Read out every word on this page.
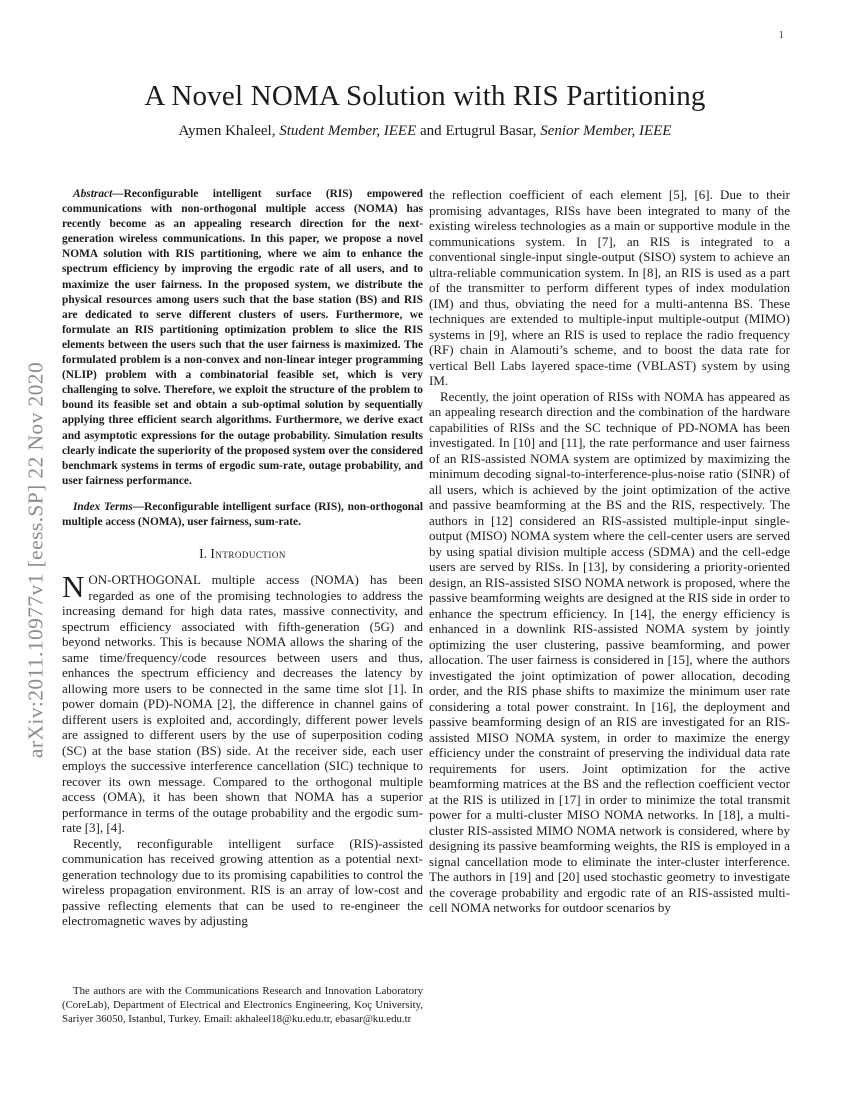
1
arXiv:2011.10977v1 [eess.SP] 22 Nov 2020
A Novel NOMA Solution with RIS Partitioning
Aymen Khaleel, Student Member, IEEE and Ertugrul Basar, Senior Member, IEEE

Abstract—Reconfigurable intelligent surface (RIS) empowered communications with non-orthogonal multiple access (NOMA) has recently become as an appealing research direction for the next-generation wireless communications. In this paper, we propose a novel NOMA solution with RIS partitioning, where we aim to enhance the spectrum efficiency by improving the ergodic rate of all users, and to maximize the user fairness. In the proposed system, we distribute the physical resources among users such that the base station (BS) and RIS are dedicated to serve different clusters of users. Furthermore, we formulate an RIS partitioning optimization problem to slice the RIS elements between the users such that the user fairness is maximized. The formulated problem is a non-convex and non-linear integer programming (NLIP) problem with a combinatorial feasible set, which is very challenging to solve. Therefore, we exploit the structure of the problem to bound its feasible set and obtain a sub-optimal solution by sequentially applying three efficient search algorithms. Furthermore, we derive exact and asymptotic expressions for the outage probability. Simulation results clearly indicate the superiority of the proposed system over the considered benchmark systems in terms of ergodic sum-rate, outage probability, and user fairness performance.

Index Terms—Reconfigurable intelligent surface (RIS), non-orthogonal multiple access (NOMA), user fairness, sum-rate.

I. Introduction

NON-ORTHOGONAL multiple access (NOMA) has been regarded as one of the promising technologies to address the increasing demand for high data rates, massive connectivity, and spectrum efficiency associated with fifth-generation (5G) and beyond networks. This is because NOMA allows the sharing of the same time/frequency/code resources between users and thus, enhances the spectrum efficiency and decreases the latency by allowing more users to be connected in the same time slot [1]. In power domain (PD)-NOMA [2], the difference in channel gains of different users is exploited and, accordingly, different power levels are assigned to different users by the use of superposition coding (SC) at the base station (BS) side. At the receiver side, each user employs the successive interference cancellation (SIC) technique to recover its own message. Compared to the orthogonal multiple access (OMA), it has been shown that NOMA has a superior performance in terms of the outage probability and the ergodic sum-rate [3], [4].

Recently, reconfigurable intelligent surface (RIS)-assisted communication has received growing attention as a potential next-generation technology due to its promising capabilities to control the wireless propagation environment. RIS is an array of low-cost and passive reflecting elements that can be used to re-engineer the electromagnetic waves by adjusting

the reflection coefficient of each element [5], [6]. Due to their promising advantages, RISs have been integrated to many of the existing wireless technologies as a main or supportive module in the communications system. In [7], an RIS is integrated to a conventional single-input single-output (SISO) system to achieve an ultra-reliable communication system. In [8], an RIS is used as a part of the transmitter to perform different types of index modulation (IM) and thus, obviating the need for a multi-antenna BS. These techniques are extended to multiple-input multiple-output (MIMO) systems in [9], where an RIS is used to replace the radio frequency (RF) chain in Alamouti’s scheme, and to boost the data rate for vertical Bell Labs layered space-time (VBLAST) system by using IM.

Recently, the joint operation of RISs with NOMA has appeared as an appealing research direction and the combination of the hardware capabilities of RISs and the SC technique of PD-NOMA has been investigated. In [10] and [11], the rate performance and user fairness of an RIS-assisted NOMA system are optimized by maximizing the minimum decoding signal-to-interference-plus-noise ratio (SINR) of all users, which is achieved by the joint optimization of the active and passive beamforming at the BS and the RIS, respectively. The authors in [12] considered an RIS-assisted multiple-input single-output (MISO) NOMA system where the cell-center users are served by using spatial division multiple access (SDMA) and the cell-edge users are served by RISs. In [13], by considering a priority-oriented design, an RIS-assisted SISO NOMA network is proposed, where the passive beamforming weights are designed at the RIS side in order to enhance the spectrum efficiency. In [14], the energy efficiency is enhanced in a downlink RIS-assisted NOMA system by jointly optimizing the user clustering, passive beamforming, and power allocation. The user fairness is considered in [15], where the authors investigated the joint optimization of power allocation, decoding order, and the RIS phase shifts to maximize the minimum user rate considering a total power constraint. In [16], the deployment and passive beamforming design of an RIS are investigated for an RIS-assisted MISO NOMA system, in order to maximize the energy efficiency under the constraint of preserving the individual data rate requirements for users. Joint optimization for the active beamforming matrices at the BS and the reflection coefficient vector at the RIS is utilized in [17] in order to minimize the total transmit power for a multi-cluster MISO NOMA networks. In [18], a multi-cluster RIS-assisted MIMO NOMA network is considered, where by designing its passive beamforming weights, the RIS is employed in a signal cancellation mode to eliminate the inter-cluster interference. The authors in [19] and [20] used stochastic geometry to investigate the coverage probability and ergodic rate of an RIS-assisted multi-cell NOMA networks for outdoor scenarios by

The authors are with the Communications Research and Innovation Laboratory (CoreLab), Department of Electrical and Electronics Engineering, Koç University, Sariyer 36050, Istanbul, Turkey. Email: akhaleel18@ku.edu.tr, ebasar@ku.edu.tr
